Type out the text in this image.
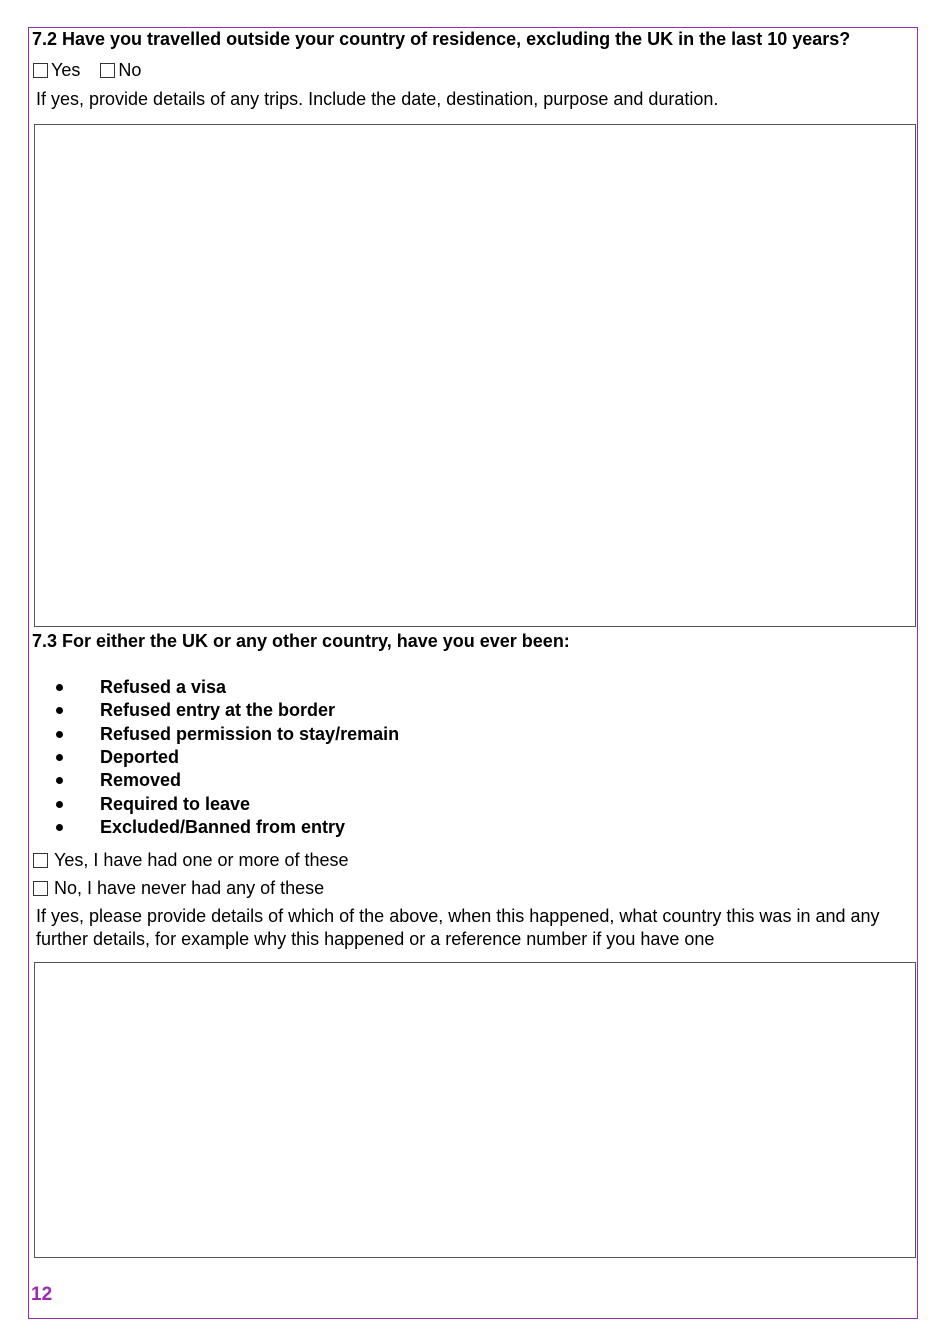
7.2 Have you travelled outside your country of residence, excluding the UK in the last 10 years?
Yes No
If yes, provide details of any trips. Include the date, destination, purpose and duration.
7.3 For either the UK or any other country, have you ever been:
Refused a visa
Refused entry at the border
Refused permission to stay/remain
Deported
Removed
Required to leave
Excluded/Banned from entry
Yes, I have had one or more of these
No, I have never had any of these
If yes, please provide details of which of the above, when this happened, what country this was in and any further details, for example why this happened or a reference number if you have one
12
